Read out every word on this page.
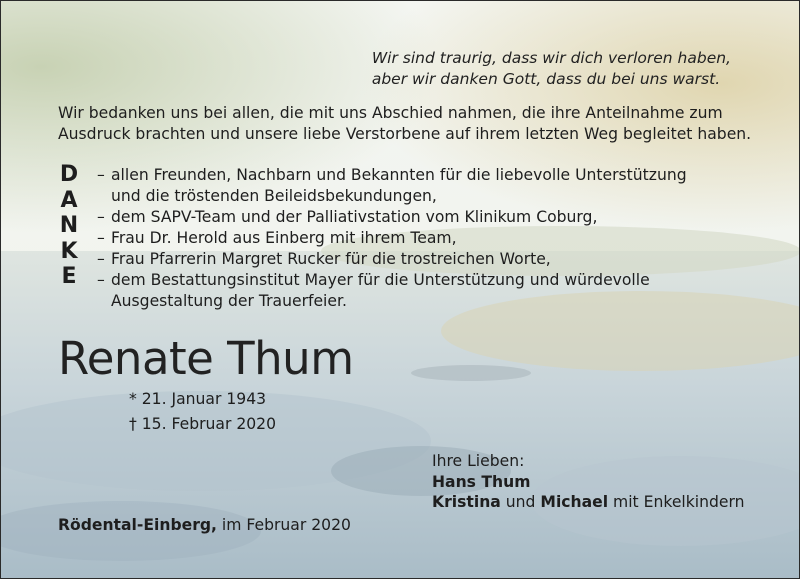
Wir sind traurig, dass wir dich verloren haben,
aber wir danken Gott, dass du bei uns warst.
Wir bedanken uns bei allen, die mit uns Abschied nahmen, die ihre Anteilnahme zum
Ausdruck brachten und unsere liebe Verstorbene auf ihrem letzten Weg begleitet haben.
D
A
N
K
E
– allen Freunden, Nachbarn und Bekannten für die liebevolle Unterstützung
und die tröstenden Beileidsbekundungen,
– dem SAPV-Team und der Palliativstation vom Klinikum Coburg,
– Frau Dr. Herold aus Einberg mit ihrem Team,
– Frau Pfarrerin Margret Rucker für die trostreichen Worte,
– dem Bestattungsinstitut Mayer für die Unterstützung und würdevolle
Ausgestaltung der Trauerfeier.
Renate Thum
* 21. Januar 1943
† 15. Februar 2020
Ihre Lieben:
Hans Thum
Kristina und Michael mit Enkelkindern
Rödental-Einberg, im Februar 2020
